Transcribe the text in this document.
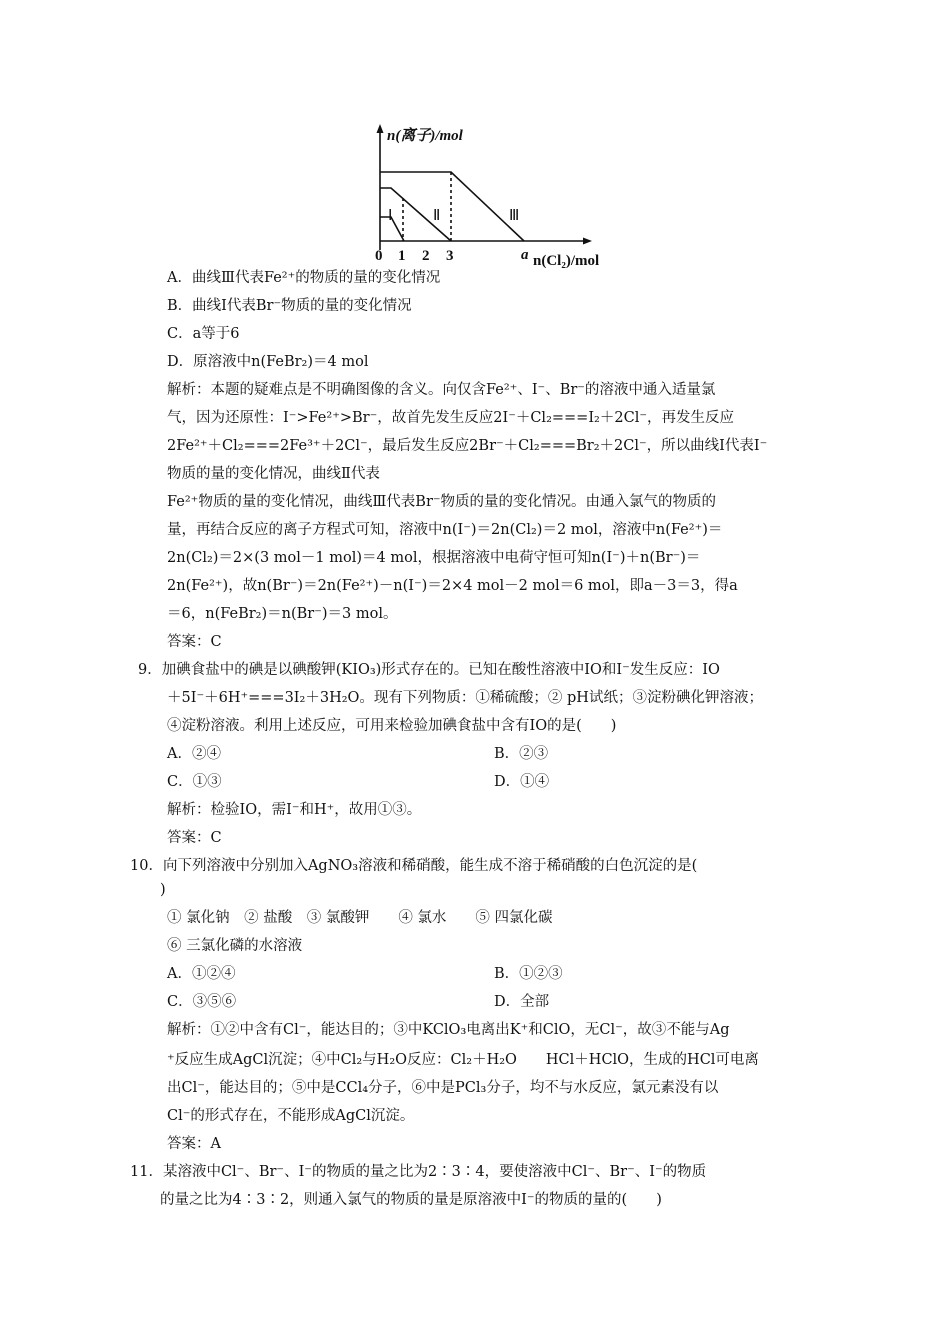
n(离子)/mol
Ⅰ	Ⅱ	Ⅲ
0 1 2 3	a n(Cl₂)/mol
A．曲线Ⅲ代表Fe²⁺的物质的量的变化情况
B．曲线Ⅰ代表Br⁻物质的量的变化情况
C．a等于6
D．原溶液中n(FeBr₂)＝4 mol
解析：本题的疑难点是不明确图像的含义。向仅含Fe²⁺、I⁻、Br⁻的溶液中通入适量氯
气，因为还原性：I⁻>Fe²⁺>Br⁻，故首先发生反应2I⁻＋Cl₂===I₂＋2Cl⁻，再发生反应
2Fe²⁺＋Cl₂===2Fe³⁺＋2Cl⁻，最后发生反应2Br⁻＋Cl₂===Br₂＋2Cl⁻，所以曲线Ⅰ代表I⁻
物质的量的变化情况，曲线Ⅱ代表
Fe²⁺物质的量的变化情况，曲线Ⅲ代表Br⁻物质的量的变化情况。由通入氯气的物质的
量，再结合反应的离子方程式可知，溶液中n(I⁻)＝2n(Cl₂)＝2 mol，溶液中n(Fe²⁺)＝
2n(Cl₂)＝2×(3 mol－1 mol)＝4 mol，根据溶液中电荷守恒可知n(I⁻)＋n(Br⁻)＝
2n(Fe²⁺)，故n(Br⁻)＝2n(Fe²⁺)－n(I⁻)＝2×4 mol－2 mol＝6 mol，即a－3＝3，得a
＝6，n(FeBr₂)＝n(Br⁻)＝3 mol。
答案：C
9．加碘食盐中的碘是以碘酸钾(KIO₃)形式存在的。已知在酸性溶液中IO和I⁻发生反应：IO
＋5I⁻＋6H⁺===3I₂＋3H₂O。现有下列物质：①稀硫酸；② pH试纸；③淀粉碘化钾溶液；
④淀粉溶液。利用上述反应，可用来检验加碘食盐中含有IO的是(　　)
A．②④	B．②③
C．①③	D．①④
解析：检验IO，需I⁻和H⁺，故用①③。
答案：C
10．向下列溶液中分别加入AgNO₃溶液和稀硝酸，能生成不溶于稀硝酸的白色沉淀的是(
)
① 氯化钠　② 盐酸　③ 氯酸钾　　④ 氯水　　⑤ 四氯化碳
⑥ 三氯化磷的水溶液
A．①②④	B．①②③
C．③⑤⑥	D．全部
解析：①②中含有Cl⁻，能达目的；③中KClO₃电离出K⁺和ClO，无Cl⁻，故③不能与Ag
⁺反应生成AgCl沉淀；④中Cl₂与H₂O反应：Cl₂＋H₂O　　HCl＋HClO，生成的HCl可电离
出Cl⁻，能达目的；⑤中是CCl₄分子，⑥中是PCl₃分子，均不与水反应，氯元素没有以
Cl⁻的形式存在，不能形成AgCl沉淀。
答案：A
11．某溶液中Cl⁻、Br⁻、I⁻的物质的量之比为2∶3∶4，要使溶液中Cl⁻、Br⁻、I⁻的物质
的量之比为4∶3∶2，则通入氯气的物质的量是原溶液中I⁻的物质的量的(　　)
